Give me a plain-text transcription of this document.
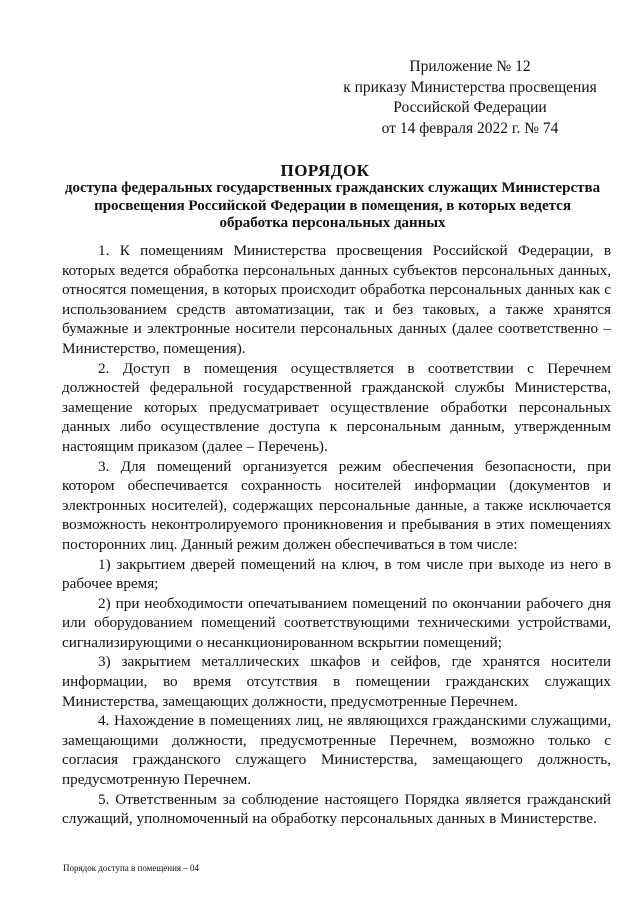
Приложение № 12
к приказу Министерства просвещения
Российской Федерации
от 14 февраля 2022 г. № 74
ПОРЯДОК
доступа федеральных государственных гражданских служащих Министерства
просвещения Российской Федерации в помещения, в которых ведется
обработка персональных данных

1. К помещениям Министерства просвещения Российской Федерации, в которых ведется обработка персональных данных субъектов персональных данных, относятся помещения, в которых происходит обработка персональных данных как с использованием средств автоматизации, так и без таковых, а также хранятся бумажные и электронные носители персональных данных (далее соответственно – Министерство, помещения).

2. Доступ в помещения осуществляется в соответствии с Перечнем должностей федеральной государственной гражданской службы Министерства, замещение которых предусматривает осуществление обработки персональных данных либо осуществление доступа к персональным данным, утвержденным настоящим приказом (далее – Перечень).

3. Для помещений организуется режим обеспечения безопасности, при котором обеспечивается сохранность носителей информации (документов и электронных носителей), содержащих персональные данные, а также исключается возможность неконтролируемого проникновения и пребывания в этих помещениях посторонних лиц. Данный режим должен обеспечиваться в том числе:

1) закрытием дверей помещений на ключ, в том числе при выходе из него в рабочее время;

2) при необходимости опечатыванием помещений по окончании рабочего дня или оборудованием помещений соответствующими техническими устройствами, сигнализирующими о несанкционированном вскрытии помещений;

3) закрытием металлических шкафов и сейфов, где хранятся носители информации, во время отсутствия в помещении гражданских служащих Министерства, замещающих должности, предусмотренные Перечнем.

4. Нахождение в помещениях лиц, не являющихся гражданскими служащими, замещающими должности, предусмотренные Перечнем, возможно только с согласия гражданского служащего Министерства, замещающего должность, предусмотренную Перечнем.

5. Ответственным за соблюдение настоящего Порядка является гражданский служащий, уполномоченный на обработку персональных данных в Министерстве.

Порядок доступа в помещения – 04
